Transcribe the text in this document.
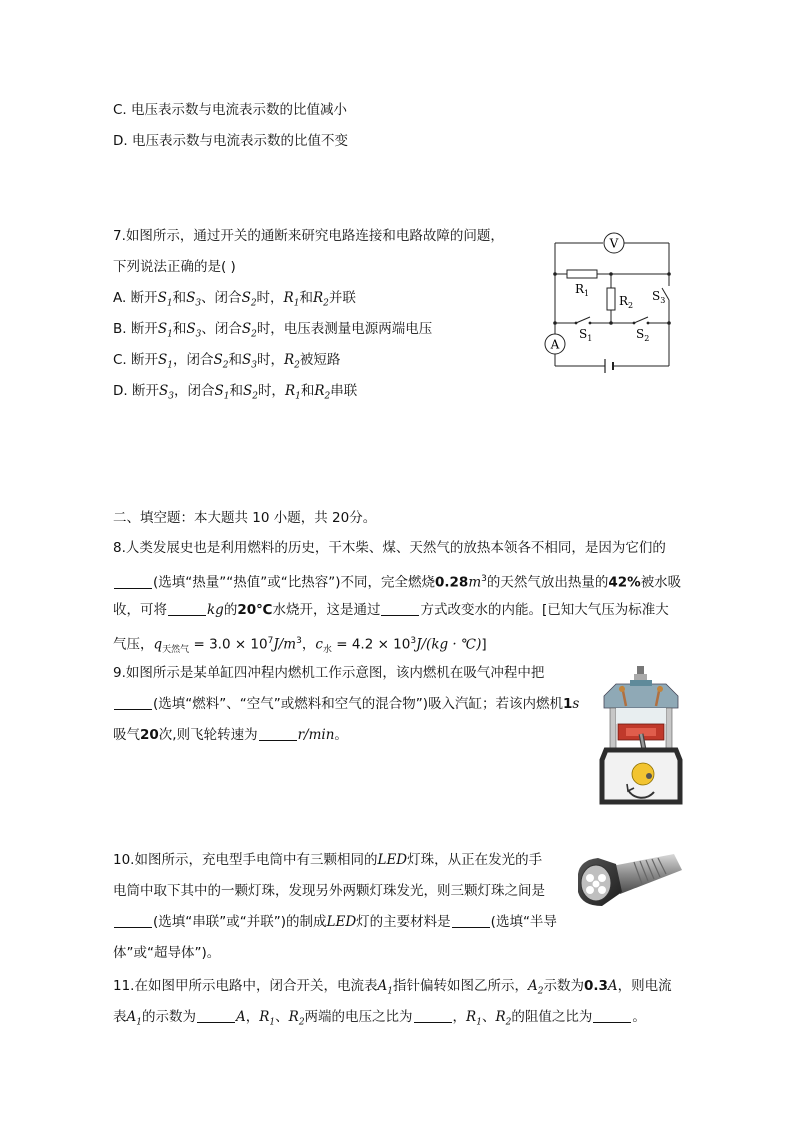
C. 电压表示数与电流表示数的比值减小
D. 电压表示数与电流表示数的比值不变
7.如图所示，通过开关的通断来研究电路连接和电路故障的问题，
下列说法正确的是( )
A. 断开$S_1$和$S_3$、闭合$S_2$时，$R_1$和$R_2$并联
B. 断开$S_1$和$S_3$、闭合$S_2$时，电压表测量电源两端电压
C. 断开$S_1$，闭合$S_2$和$S_3$时，$R_2$被短路
D. 断开$S_3$，闭合$S_1$和$S_2$时，$R_1$和$R_2$串联
V
A
$R_1$
$R_2$
$S_3$
$S_1$	$S_2$
二、填空题：本大题共 10 小题，共 20分。
8.人类发展史也是利用燃料的历史，干木柴、煤、天然气的放热本领各不相同，是因为它们的
(选填“热量”“热值”或“比热容”)不同，完全燃烧$0.28m^3$的天然气放出热量的42%被水吸
收，可将	kg的20℃水烧开，这是通过	方式改变水的内能。[已知大气压为标准大
气压，$q_{天然气} = 3.0 \times 10^7J/m^3$，$c_水 = 4.2 \times 10^3J/(kg$ · ℃)]
9.如图所示是某单缸四冲程内燃机工作示意图，该内燃机在吸气冲程中把
(选填“燃料”、“空气”或燃料和空气的混合物”)吸入汽缸；若该内燃机1s
吸气20次,则飞轮转速为	r/min。
10.如图所示，充电型手电筒中有三颗相同的LED灯珠，从正在发光的手
电筒中取下其中的一颗灯珠，发现另外两颗灯珠发光，则三颗灯珠之间是
(选填“串联”或“并联”)的制成LED灯的主要材料是	(选填“半导
体”或“超导体”)。
11.在如图甲所示电路中，闭合开关，电流表$A_1$指针偏转如图乙所示，$A_2$示数为0.3A，则电流
表$A_1$的示数为	A，$R_1$、$R_2$两端的电压之比为	，$R_1$、$R_2$的阻值之比为	。
